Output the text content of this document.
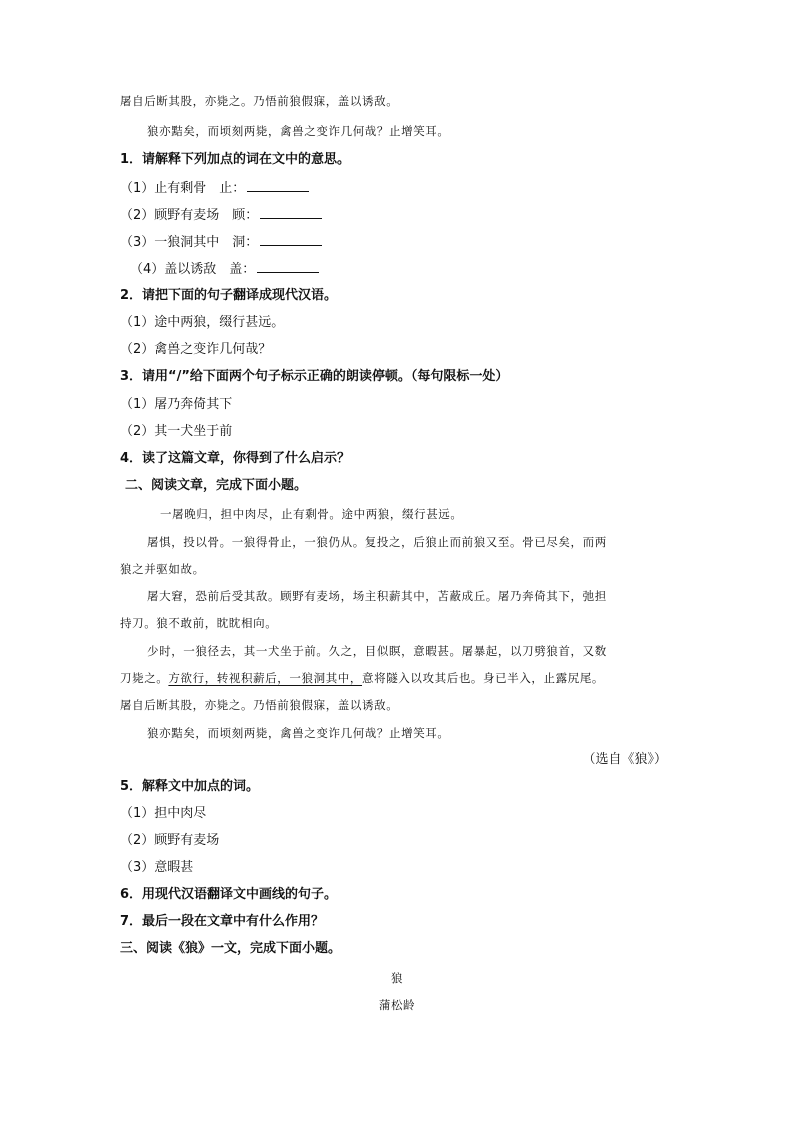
屠自后断其股，亦毙之。乃悟前狼假寐，盖以诱敌。
狼亦黠矣，而顷刻两毙，禽兽之变诈几何哉？止增笑耳。
1．请解释下列加点的词在文中的意思。
（1）止有剩骨　止：
（2）顾野有麦场　顾：
（3）一狼洞其中　洞：
（4）盖以诱敌　盖：
2．请把下面的句子翻译成现代汉语。
（1）途中两狼，缀行甚远。
（2）禽兽之变诈几何哉？
3．请用“/”给下面两个句子标示正确的朗读停顿。（每句限标一处）
（1）屠乃奔倚其下
（2）其一犬坐于前
4．读了这篇文章，你得到了什么启示？
二、阅读文章，完成下面小题。
一屠晚归，担中肉尽，止有剩骨。途中两狼，缀行甚远。
屠惧，投以骨。一狼得骨止，一狼仍从。复投之，后狼止而前狼又至。骨已尽矣，而两
狼之并驱如故。
屠大窘，恐前后受其敌。顾野有麦场，场主积薪其中，苫蔽成丘。屠乃奔倚其下，弛担
持刀。狼不敢前，眈眈相向。
少时，一狼径去，其一犬坐于前。久之，目似瞑，意暇甚。屠暴起，以刀劈狼首，又数
刀毙之。方欲行，转视积薪后，一狼洞其中，意将隧入以攻其后也。身已半入，止露尻尾。
屠自后断其股，亦毙之。乃悟前狼假寐，盖以诱敌。
狼亦黠矣，而顷刻两毙，禽兽之变诈几何哉？止增笑耳。
（选自《狼》）
5．解释文中加点的词。
（1）担中肉尽
（2）顾野有麦场
（3）意暇甚
6．用现代汉语翻译文中画线的句子。
7．最后一段在文章中有什么作用？
三、阅读《狼》一文，完成下面小题。
狼
蒲松龄
